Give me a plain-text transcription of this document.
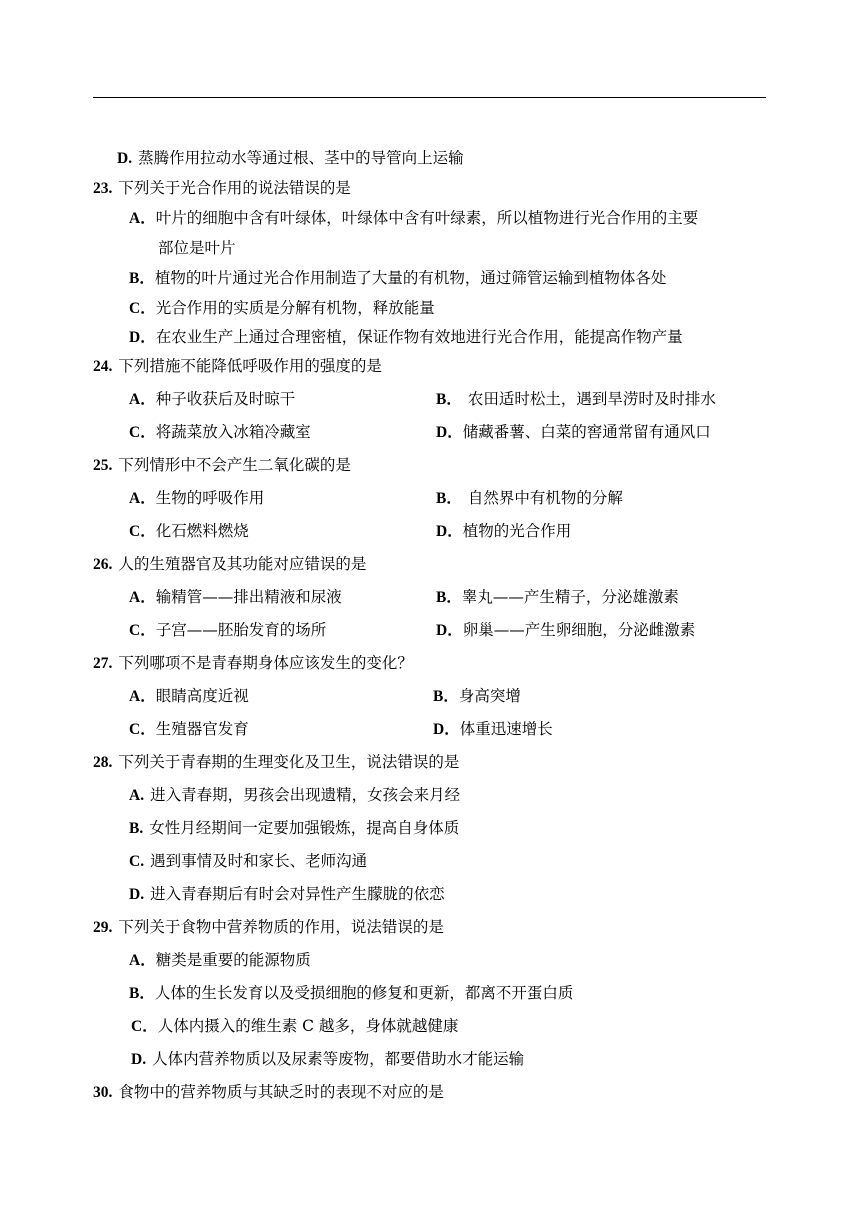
D. 蒸腾作用拉动水等通过根、茎中的导管向上运输
23. 下列关于光合作用的说法错误的是
A．叶片的细胞中含有叶绿体，叶绿体中含有叶绿素，所以植物进行光合作用的主要
部位是叶片
B．植物的叶片通过光合作用制造了大量的有机物，通过筛管运输到植物体各处
C．光合作用的实质是分解有机物，释放能量
D．在农业生产上通过合理密植，保证作物有效地进行光合作用，能提高作物产量
24. 下列措施不能降低呼吸作用的强度的是
A．种子收获后及时晾干	B． 农田适时松土，遇到旱涝时及时排水
C．将蔬菜放入冰箱冷藏室	D．储藏番薯、白菜的窖通常留有通风口
25. 下列情形中不会产生二氧化碳的是
A．生物的呼吸作用	B． 自然界中有机物的分解
C．化石燃料燃烧	D．植物的光合作用
26. 人的生殖器官及其功能对应错误的是
A．输精管——排出精液和尿液	B．睾丸——产生精子，分泌雄激素
C．子宫——胚胎发育的场所	D．卵巢——产生卵细胞，分泌雌激素
27. 下列哪项不是青春期身体应该发生的变化？
A．眼睛高度近视	B．身高突增
C．生殖器官发育	D．体重迅速增长
28. 下列关于青春期的生理变化及卫生，说法错误的是
A. 进入青春期，男孩会出现遗精，女孩会来月经
B. 女性月经期间一定要加强锻炼，提高自身体质
C. 遇到事情及时和家长、老师沟通
D. 进入青春期后有时会对异性产生朦胧的依恋
29. 下列关于食物中营养物质的作用，说法错误的是
A．糖类是重要的能源物质
B．人体的生长发育以及受损细胞的修复和更新，都离不开蛋白质
C．人体内摄入的维生素 C 越多，身体就越健康
D. 人体内营养物质以及尿素等废物，都要借助水才能运输
30. 食物中的营养物质与其缺乏时的表现不对应的是
